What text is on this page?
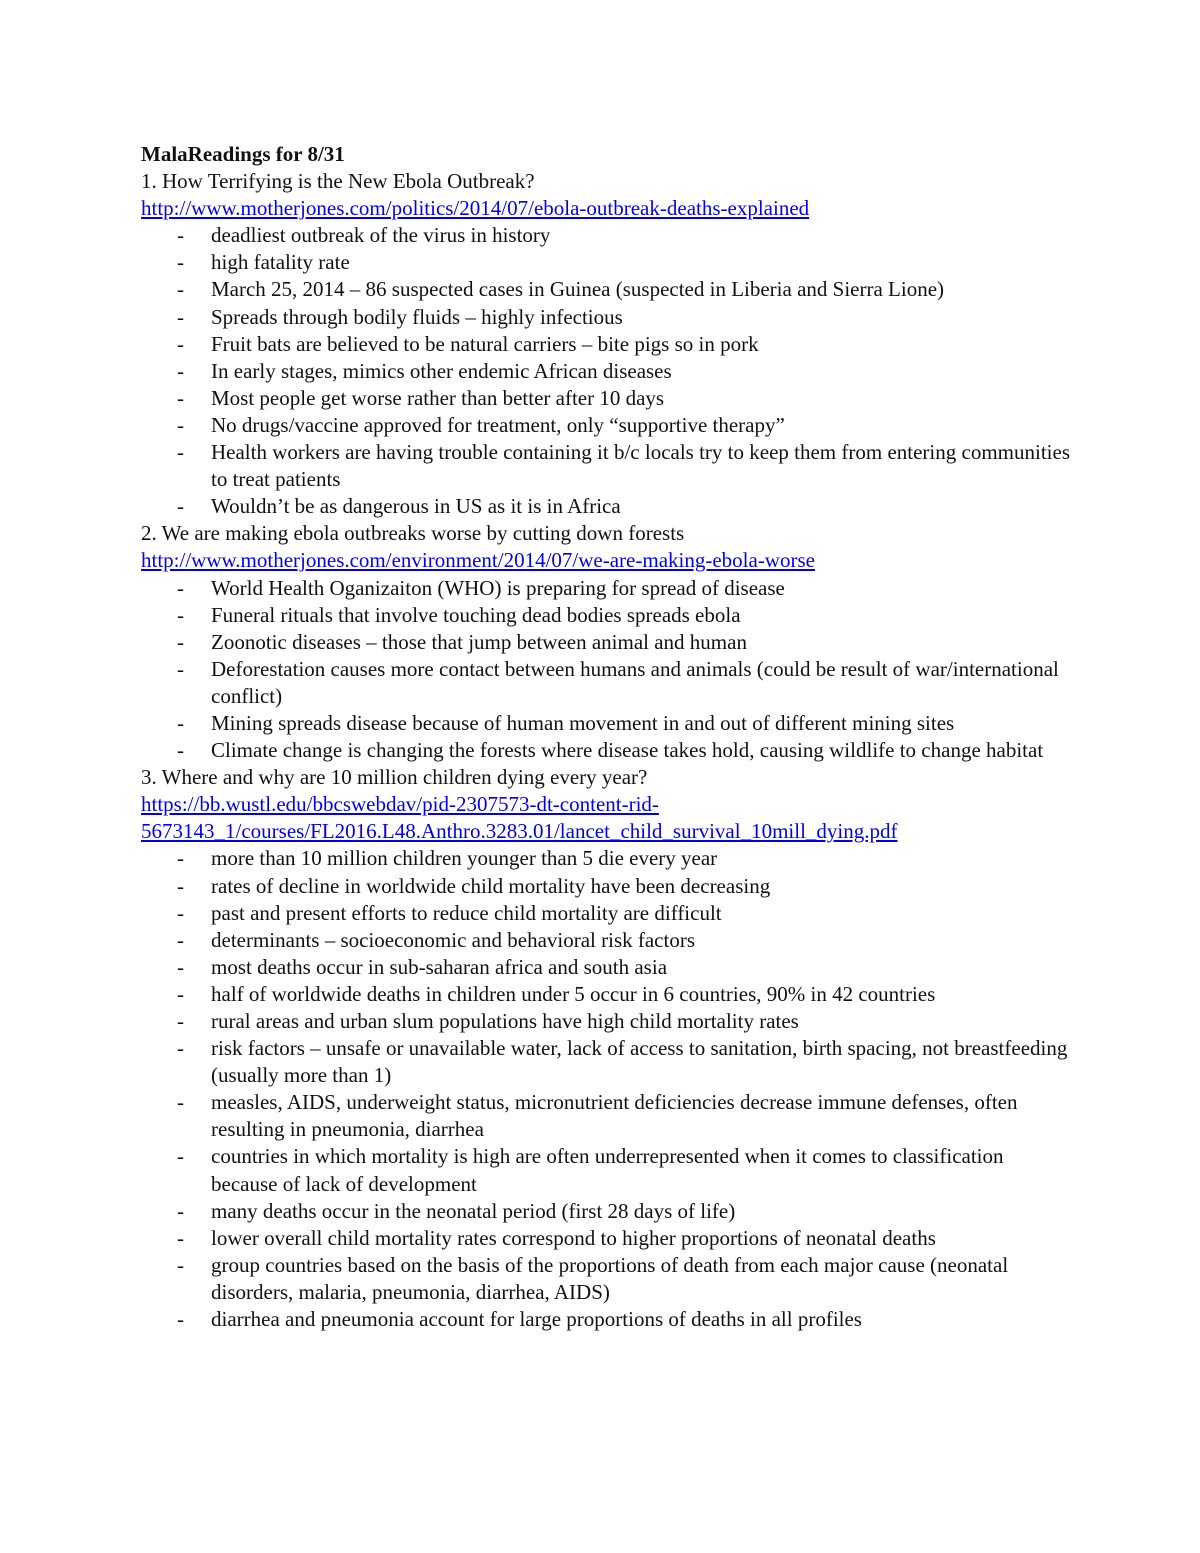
MalaReadings for 8/31
1. How Terrifying is the New Ebola Outbreak?
http://www.motherjones.com/politics/2014/07/ebola-outbreak-deaths-explained
- deadliest outbreak of the virus in history
- high fatality rate
- March 25, 2014 – 86 suspected cases in Guinea (suspected in Liberia and Sierra Lione)
- Spreads through bodily fluids – highly infectious
- Fruit bats are believed to be natural carriers – bite pigs so in pork
- In early stages, mimics other endemic African diseases
- Most people get worse rather than better after 10 days
- No drugs/vaccine approved for treatment, only “supportive therapy”
- Health workers are having trouble containing it b/c locals try to keep them from entering communities to treat patients
- Wouldn’t be as dangerous in US as it is in Africa
2. We are making ebola outbreaks worse by cutting down forests
http://www.motherjones.com/environment/2014/07/we-are-making-ebola-worse
- World Health Oganizaiton (WHO) is preparing for spread of disease
- Funeral rituals that involve touching dead bodies spreads ebola
- Zoonotic diseases – those that jump between animal and human
- Deforestation causes more contact between humans and animals (could be result of war/international conflict)
- Mining spreads disease because of human movement in and out of different mining sites
- Climate change is changing the forests where disease takes hold, causing wildlife to change habitat
3. Where and why are 10 million children dying every year?
https://bb.wustl.edu/bbcswebdav/pid-2307573-dt-content-rid-
5673143_1/courses/FL2016.L48.Anthro.3283.01/lancet_child_survival_10mill_dying.pdf
- more than 10 million children younger than 5 die every year
- rates of decline in worldwide child mortality have been decreasing
- past and present efforts to reduce child mortality are difficult
- determinants – socioeconomic and behavioral risk factors
- most deaths occur in sub-saharan africa and south asia
- half of worldwide deaths in children under 5 occur in 6 countries, 90% in 42 countries
- rural areas and urban slum populations have high child mortality rates
- risk factors – unsafe or unavailable water, lack of access to sanitation, birth spacing, not breastfeeding (usually more than 1)
- measles, AIDS, underweight status, micronutrient deficiencies decrease immune defenses, often resulting in pneumonia, diarrhea
- countries in which mortality is high are often underrepresented when it comes to classification because of lack of development
- many deaths occur in the neonatal period (first 28 days of life)
- lower overall child mortality rates correspond to higher proportions of neonatal deaths
- group countries based on the basis of the proportions of death from each major cause (neonatal disorders, malaria, pneumonia, diarrhea, AIDS)
- diarrhea and pneumonia account for large proportions of deaths in all profiles
